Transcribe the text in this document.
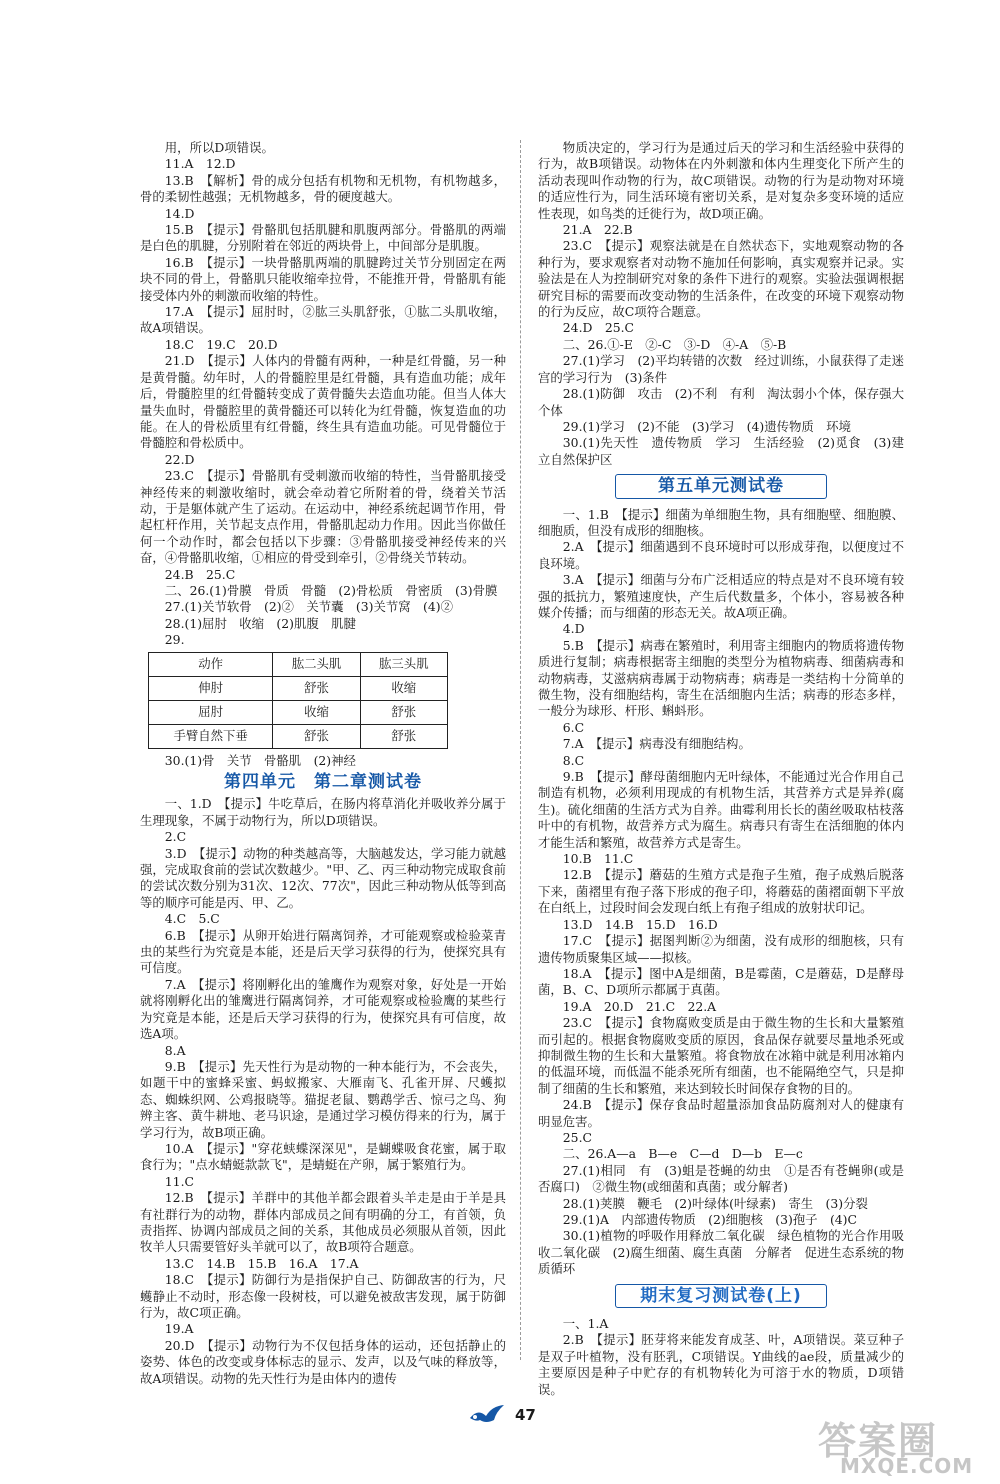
用，所以D项错误。

11.A　12.D

13.B　【解析】骨的成分包括有机物和无机物，有机物越多，骨的柔韧性越强；无机物越多，骨的硬度越大。

14.D

15.B　【提示】骨骼肌包括肌腱和肌腹两部分。骨骼肌的两端是白色的肌腱，分别附着在邻近的两块骨上，中间部分是肌腹。

16.B　【提示】一块骨骼肌两端的肌腱跨过关节分别固定在两块不同的骨上，骨骼肌只能收缩牵拉骨，不能推开骨，骨骼肌有能接受体内外的刺激而收缩的特性。

17.A　【提示】屈肘时，②肱三头肌舒张，①肱二头肌收缩，故A项错误。

18.C　19.C　20.D

21.D　【提示】人体内的骨髓有两种，一种是红骨髓，另一种是黄骨髓。幼年时，人的骨髓腔里是红骨髓，具有造血功能；成年后，骨髓腔里的红骨髓转变成了黄骨髓失去造血功能。但当人体大量失血时，骨髓腔里的黄骨髓还可以转化为红骨髓，恢复造血的功能。在人的骨松质里有红骨髓，终生具有造血功能。可见骨髓位于骨髓腔和骨松质中。

22.D

23.C　【提示】骨骼肌有受刺激而收缩的特性，当骨骼肌接受神经传来的刺激收缩时，就会牵动着它所附着的骨，绕着关节活动，于是躯体就产生了运动。在运动中，神经系统起调节作用，骨起杠杆作用，关节起支点作用，骨骼肌起动力作用。因此当你做任何一个动作时，都会包括以下步骤：③骨骼肌接受神经传来的兴奋，④骨骼肌收缩，①相应的骨受到牵引，②骨绕关节转动。

24.B　25.C

二、26.(1)骨膜　骨质　骨髓　(2)骨松质　骨密质　(3)骨膜

27.(1)关节软骨　(2)②　关节囊　(3)关节窝　(4)②

28.(1)屈肘　收缩　(2)肌腹　肌腱

29.

动作	肱二头肌	肱三头肌
伸肘	舒张	收缩
屈肘	收缩	舒张
手臂自然下垂	舒张	舒张

30.(1)骨　关节　骨骼肌　(2)神经

第四单元　第二章测试卷

一、1.D　【提示】牛吃草后，在肠内将草消化并吸收养分属于生理现象，不属于动物行为，所以D项错误。

2.C

3.D　【提示】动物的种类越高等，大脑越发达，学习能力就越强，完成取食前的尝试次数越少。"甲、乙、丙三种动物完成取食前的尝试次数分别为31次、12次、77次"，因此三种动物从低等到高等的顺序可能是丙、甲、乙。

4.C　5.C

6.B　【提示】从卵开始进行隔离饲养，才可能观察或检验菜青虫的某些行为究竟是本能，还是后天学习获得的行为，使探究具有可信度。

7.A　【提示】将刚孵化出的雏鹰作为观察对象，好处是一开始就将刚孵化出的雏鹰进行隔离饲养，才可能观察或检验鹰的某些行为究竟是本能，还是后天学习获得的行为，使探究具有可信度，故选A项。

8.A

9.B　【提示】先天性行为是动物的一种本能行为，不会丧失，如题干中的蜜蜂采蜜、蚂蚁搬家、大雁南飞、孔雀开屏、尺蠖拟态、蜘蛛织网、公鸡报晓等。猫捉老鼠、鹦鹉学舌、惊弓之鸟、狗辨主客、黄牛耕地、老马识途，是通过学习模仿得来的行为，属于学习行为，故B项正确。

10.A　【提示】"穿花蛱蝶深深见"，是蝴蝶吸食花蜜，属于取食行为；"点水蜻蜓款款飞"，是蜻蜓在产卵，属于繁殖行为。

11.C

12.B　【提示】羊群中的其他羊都会跟着头羊走是由于羊是具有社群行为的动物，群体内部成员之间有明确的分工，有首领，负责指挥、协调内部成员之间的关系，其他成员必须服从首领，因此牧羊人只需要管好头羊就可以了，故B项符合题意。

13.C　14.B　15.B　16.A　17.A

18.C　【提示】防御行为是指保护自己、防御敌害的行为，尺蠖静止不动时，形态像一段树枝，可以避免被敌害发现，属于防御行为，故C项正确。

19.A

20.D　【提示】动物行为不仅包括身体的运动，还包括静止的姿势、体色的改变或身体标志的显示、发声，以及气味的释放等，故A项错误。动物的先天性行为是由体内的遗传

物质决定的，学习行为是通过后天的学习和生活经验中获得的行为，故B项错误。动物体在内外刺激和体内生理变化下所产生的活动表现叫作动物的行为，故C项错误。动物的行为是动物对环境的适应性行为，同生活环境有密切关系，是对复杂多变环境的适应性表现，如鸟类的迁徙行为，故D项正确。

21.A　22.B

23.C　【提示】观察法就是在自然状态下，实地观察动物的各种行为，要求观察者对动物不施加任何影响，真实观察并记录。实验法是在人为控制研究对象的条件下进行的观察。实验法强调根据研究目标的需要而改变动物的生活条件，在改变的环境下观察动物的行为反应，故C项符合题意。

24.D　25.C

二、26.①-E　②-C　③-D　④-A　⑤-B

27.(1)学习　(2)平均转错的次数　经过训练，小鼠获得了走迷宫的学习行为　(3)条件

28.(1)防御　攻击　(2)不利　有利　淘汰弱小个体，保存强大个体

29.(1)学习　(2)不能　(3)学习　(4)遗传物质　环境

30.(1)先天性　遗传物质　学习　生活经验　(2)觅食　(3)建立自然保护区

第五单元测试卷

一、1.B　【提示】细菌为单细胞生物，具有细胞壁、细胞膜、细胞质，但没有成形的细胞核。

2.A　【提示】细菌遇到不良环境时可以形成芽孢，以便度过不良环境。

3.A　【提示】细菌与分布广泛相适应的特点是对不良环境有较强的抵抗力，繁殖速度快，产生后代数量多，个体小，容易被各种媒介传播；而与细菌的形态无关。故A项正确。

4.D

5.B　【提示】病毒在繁殖时，利用寄主细胞内的物质将遗传物质进行复制；病毒根据寄主细胞的类型分为植物病毒、细菌病毒和动物病毒，艾滋病病毒属于动物病毒；病毒是一类结构十分简单的微生物，没有细胞结构，寄生在活细胞内生活；病毒的形态多样，一般分为球形、杆形、蝌蚪形。

6.C

7.A　【提示】病毒没有细胞结构。

8.C

9.B　【提示】酵母菌细胞内无叶绿体，不能通过光合作用自己制造有机物，必须利用现成的有机物生活，其营养方式是异养(腐生)。硫化细菌的生活方式为自养。曲霉利用长长的菌丝吸取枯枝落叶中的有机物，故营养方式为腐生。病毒只有寄生在活细胞的体内才能生活和繁殖，故营养方式是寄生。

10.B　11.C

12.B　【提示】蘑菇的生殖方式是孢子生殖，孢子成熟后脱落下来，菌褶里有孢子落下形成的孢子印，将蘑菇的菌褶面朝下平放在白纸上，过段时间会发现白纸上有孢子组成的放射状印记。

13.D　14.B　15.D　16.D

17.C　【提示】据图判断②为细菌，没有成形的细胞核，只有遗传物质聚集区域——拟核。

18.A　【提示】图中A是细菌，B是霉菌，C是蘑菇，D是酵母菌，B、C、D项所示都属于真菌。

19.A　20.D　21.C　22.A

23.C　【提示】食物腐败变质是由于微生物的生长和大量繁殖而引起的。根据食物腐败变质的原因，食品保存就要尽量地杀死或抑制微生物的生长和大量繁殖。将食物放在冰箱中就是利用冰箱内的低温环境，而低温不能杀死所有细菌，也不能隔绝空气，只是抑制了细菌的生长和繁殖，来达到较长时间保存食物的目的。

24.B　【提示】保存食品时超量添加食品防腐剂对人的健康有明显危害。

25.C

二、26.A—a　B—e　C—d　D—b　E—c

27.(1)相同　有　(3)蛆是苍蝇的幼虫　①是否有苍蝇卵(或是否腐口)　②微生物(或细菌和真菌；或分解者)

28.(1)荚膜　鞭毛　(2)叶绿体(叶绿素)　寄生　(3)分裂

29.(1)A　内部遗传物质　(2)细胞核　(3)孢子　(4)C

30.(1)植物的呼吸作用释放二氧化碳　绿色植物的光合作用吸收二氧化碳　(2)腐生细菌、腐生真菌　分解者　促进生态系统的物质循环

期末复习测试卷(上)

一、1.A

2.B　【提示】胚芽将来能发育成茎、叶，A项错误。菜豆种子是双子叶植物，没有胚乳，C项错误。Y曲线的ae段，质量减少的主要原因是种子中贮存的有机物转化为可溶于水的物质，D项错误。

47
答案圈
MXQE.COM
